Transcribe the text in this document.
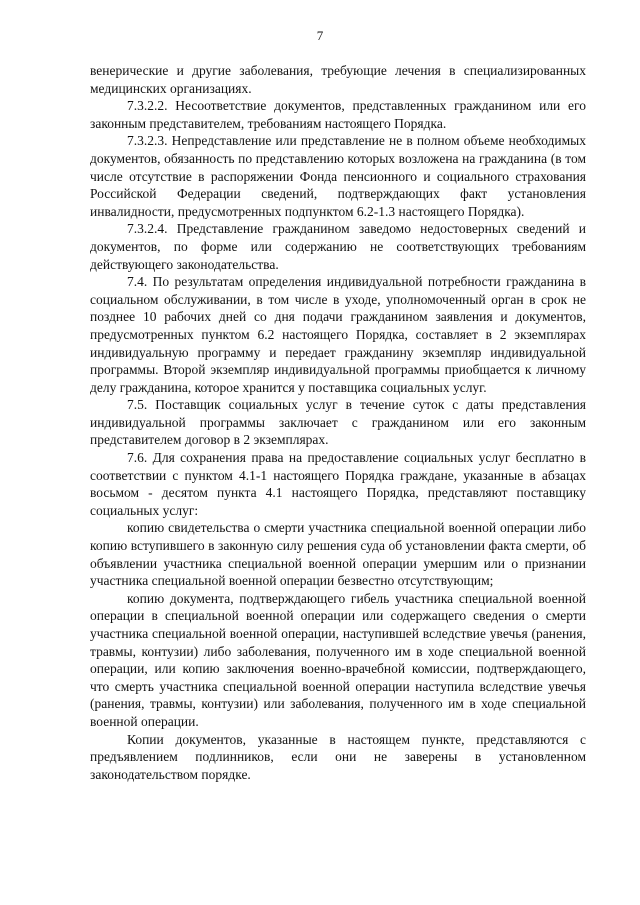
7

венерические и другие заболевания, требующие лечения в специализированных медицинских организациях.

7.3.2.2. Несоответствие документов, представленных гражданином или его законным представителем, требованиям настоящего Порядка.

7.3.2.3. Непредставление или представление не в полном объеме необходимых документов, обязанность по представлению которых возложена на гражданина (в том числе отсутствие в распоряжении Фонда пенсионного и социального страхования Российской Федерации сведений, подтверждающих факт установления инвалидности, предусмотренных подпунктом 6.2-1.3 настоящего Порядка).

7.3.2.4. Представление гражданином заведомо недостоверных сведений и документов, по форме или содержанию не соответствующих требованиям действующего законодательства.

7.4. По результатам определения индивидуальной потребности гражданина в социальном обслуживании, в том числе в уходе, уполномоченный орган в срок не позднее 10 рабочих дней со дня подачи гражданином заявления и документов, предусмотренных пунктом 6.2 настоящего Порядка, составляет в 2 экземплярах индивидуальную программу и передает гражданину экземпляр индивидуальной программы. Второй экземпляр индивидуальной программы приобщается к личному делу гражданина, которое хранится у поставщика социальных услуг.

7.5. Поставщик социальных услуг в течение суток с даты представления индивидуальной программы заключает с гражданином или его законным представителем договор в 2 экземплярах.

7.6. Для сохранения права на предоставление социальных услуг бесплатно в соответствии с пунктом 4.1-1 настоящего Порядка граждане, указанные в абзацах восьмом - десятом пункта 4.1 настоящего Порядка, представляют поставщику социальных услуг:

копию свидетельства о смерти участника специальной военной операции либо копию вступившего в законную силу решения суда об установлении факта смерти, об объявлении участника специальной военной операции умершим или о признании участника специальной военной операции безвестно отсутствующим;

копию документа, подтверждающего гибель участника специальной военной операции в специальной военной операции или содержащего сведения о смерти участника специальной военной операции, наступившей вследствие увечья (ранения, травмы, контузии) либо заболевания, полученного им в ходе специальной военной операции, или копию заключения военно-врачебной комиссии, подтверждающего, что смерть участника специальной военной операции наступила вследствие увечья (ранения, травмы, контузии) или заболевания, полученного им в ходе специальной военной операции.

Копии документов, указанные в настоящем пункте, представляются с предъявлением подлинников, если они не заверены в установленном законодательством порядке.
